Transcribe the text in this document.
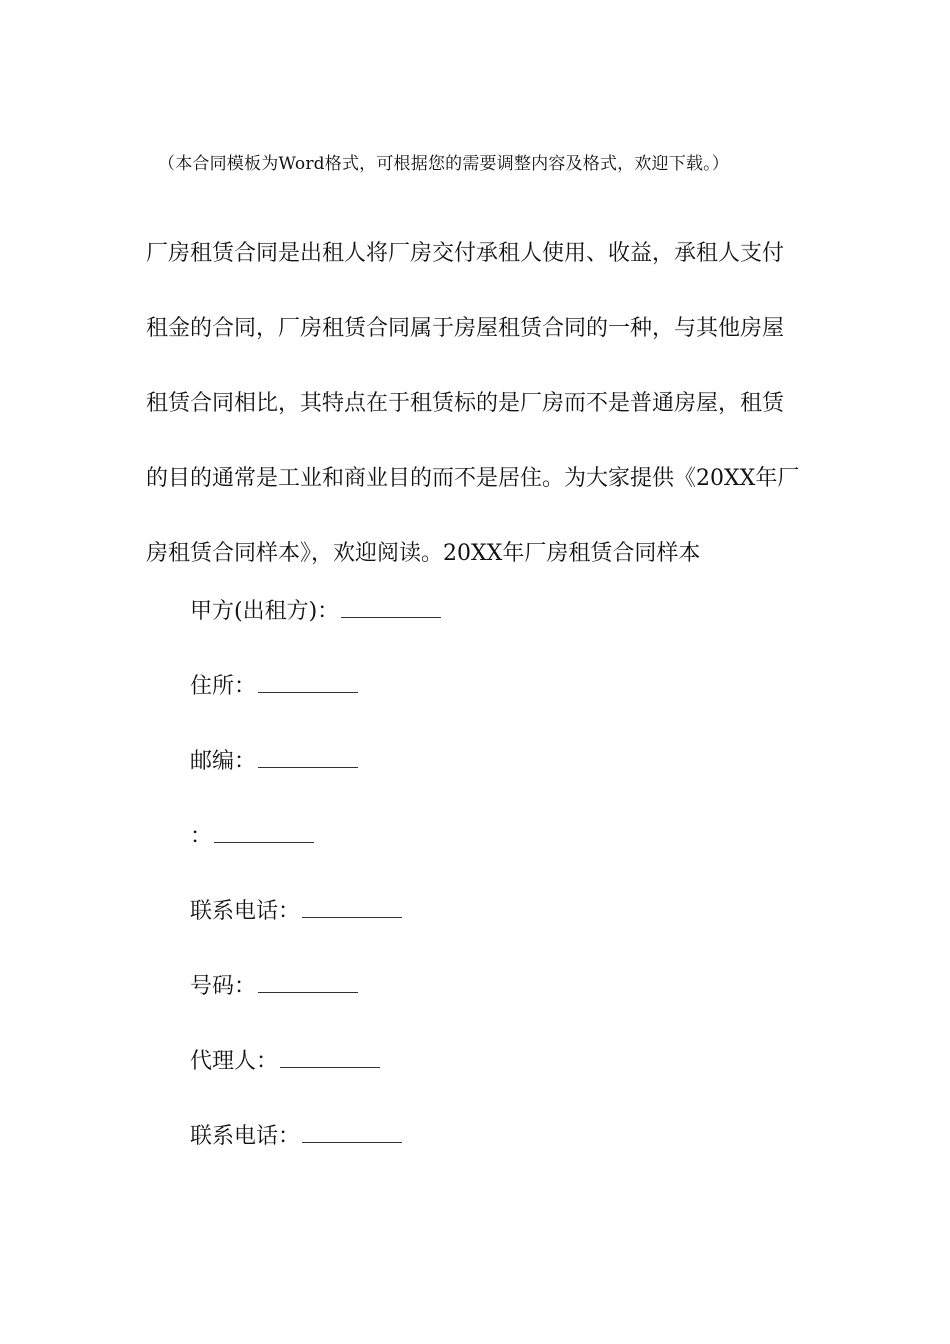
（本合同模板为Word格式，可根据您的需要调整内容及格式，欢迎下载。）
厂房租赁合同是出租人将厂房交付承租人使用、收益，承租人支付
租金的合同，厂房租赁合同属于房屋租赁合同的一种，与其他房屋
租赁合同相比，其特点在于租赁标的是厂房而不是普通房屋，租赁
的目的通常是工业和商业目的而不是居住。为大家提供《20XX年厂
房租赁合同样本》，欢迎阅读。20XX年厂房租赁合同样本
甲方(出租方)：
住所：
邮编：
：
联系电话：
号码：
代理人：
联系电话：
